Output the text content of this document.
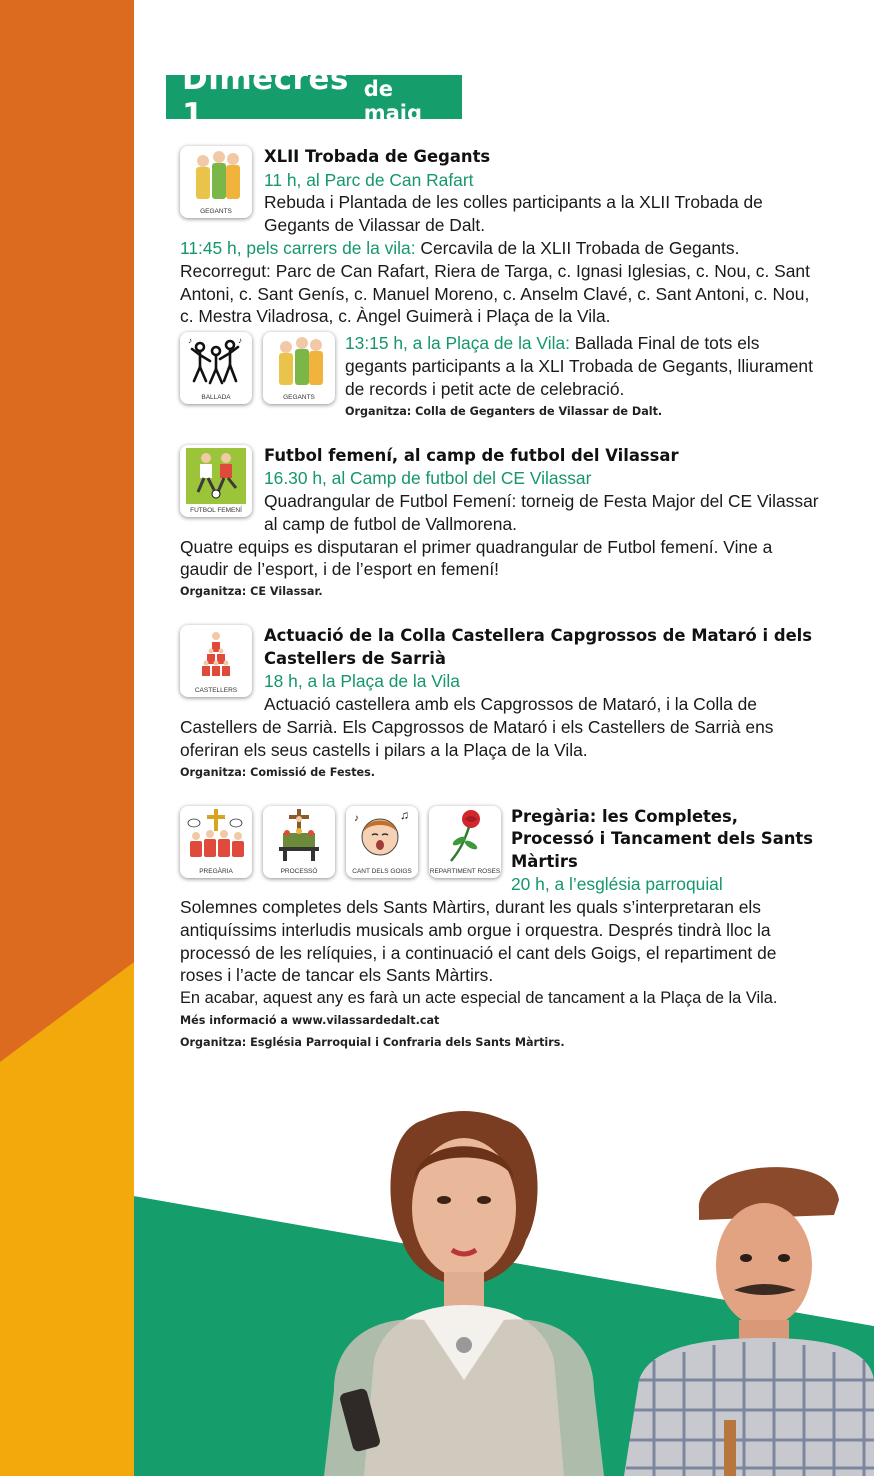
Dimecres 1
de maig
GEGANTS

XLII Trobada de Gegants

11 h, al Parc de Can Rafart

Rebuda i Plantada de les colles participants a la XLII Trobada de Gegants de Vilassar de Dalt.

11:45 h, pels carrers de la vila: Cercavila de la XLII Trobada de Gegants.

Recorregut: Parc de Can Rafart, Riera de Targa, c. Ignasi Iglesias, c. Nou, c. Sant Antoni, c. Sant Genís, c. Manuel Moreno, c. Anselm Clavé, c. Sant Antoni, c. Nou, c. Mestra Viladrosa, c. Àngel Guimerà i Plaça de la Vila.

♪	♪
BALLADA	GEGANTS

13:15 h, a la Plaça de la Vila: Ballada Final de tots els gegants participants a la XLI Trobada de Gegants, lliurament de records i petit acte de celebració.

Organitza: Colla de Geganters de Vilassar de Dalt.

FUTBOL FEMENÍ

Futbol femení, al camp de futbol del Vilassar

16.30 h, al Camp de futbol del CE Vilassar

Quadrangular de Futbol Femení: torneig de Festa Major del CE Vilassar al camp de futbol de Vallmorena.

Quatre equips es disputaran el primer quadrangular de Futbol femení. Vine a gaudir de l’esport, i de l’esport en femení!

Organitza: CE Vilassar.

CASTELLERS

Actuació de la Colla Castellera Capgrossos de Mataró i dels Castellers de Sarrià

18 h, a la Plaça de la Vila

Actuació castellera amb els Capgrossos de Mataró, i la Colla de Castellers de Sarrià. Els Capgrossos de Mataró i els Castellers de Sarrià ens oferiran els seus castells i pilars a la Plaça de la Vila.

Organitza: Comissió de Festes.

PREGÀRIA	PROCESSÓ
♪	♫
CANT DELS GOIGS	REPARTIMENT ROSES

Pregària: les Completes, Processó i Tancament dels Sants Màrtirs

20 h, a l’església parroquial

Solemnes completes dels Sants Màrtirs, durant les quals s’interpretaran els antiquíssims interludis musicals amb orgue i orquestra. Després tindrà lloc la processó de les relíquies, i a continuació el cant dels Goigs, el repartiment de roses i l’acte de tancar els Sants Màrtirs.

En acabar, aquest any es farà un acte especial de tancament a la Plaça de la Vila.

Més informació a www.vilassardedalt.cat

Organitza: Església Parroquial i Confraria dels Sants Màrtirs.
